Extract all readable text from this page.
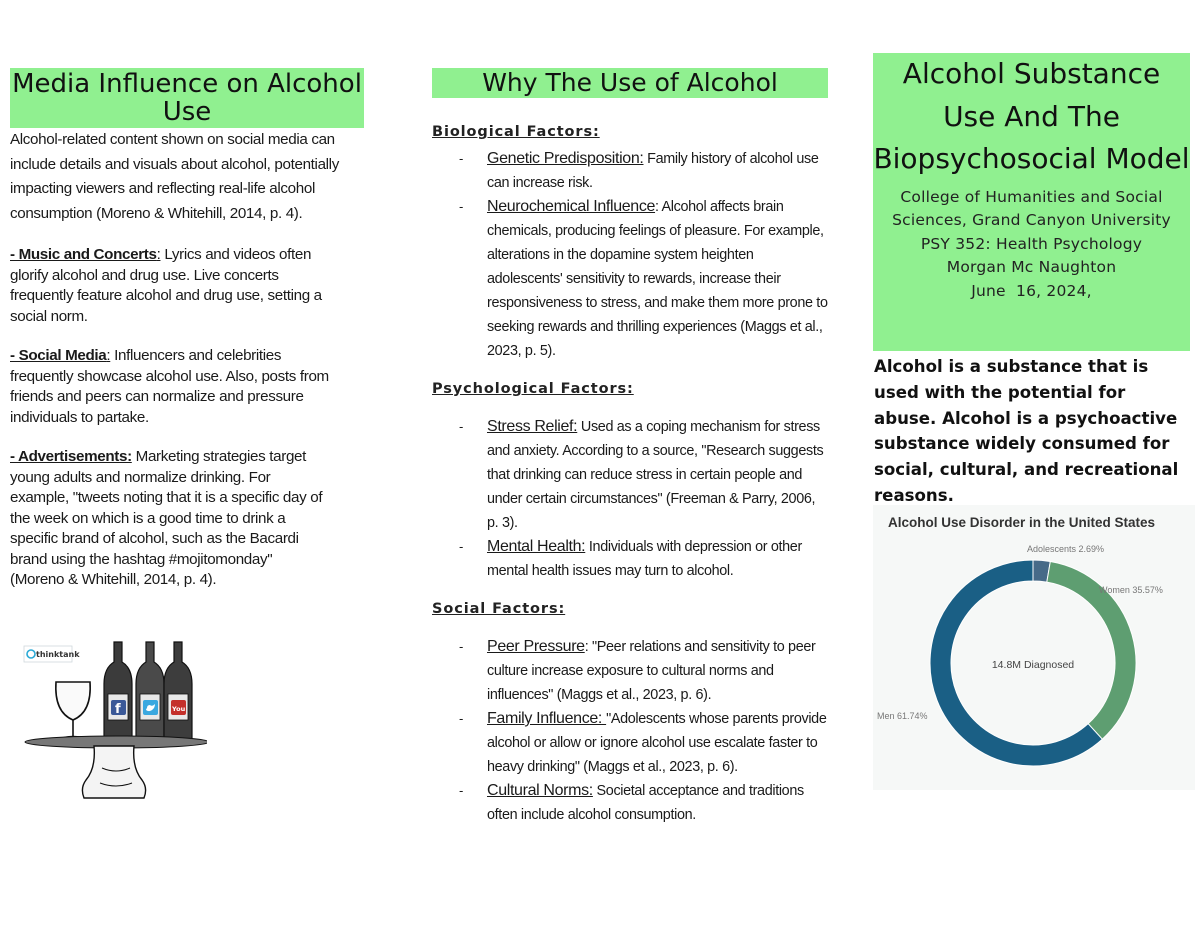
Media Influence on Alcohol Use

Alcohol-related content shown on social media can include details and visuals about alcohol, potentially impacting viewers and reflecting real-life alcohol consumption (Moreno & Whitehill, 2014, p. 4).

- Music and Concerts: Lyrics and videos often glorify alcohol and drug use. Live concerts frequently feature alcohol and drug use, setting a social norm.

- Social Media: Influencers and celebrities frequently showcase alcohol use. Also, posts from friends and peers can normalize and pressure individuals to partake.

- Advertisements: Marketing strategies target young adults and normalize drinking. For example, "tweets noting that it is a specific day of the week on which is a good time to drink a specific brand of alcohol, such as the Bacardi brand using the hashtag #mojitomonday" (Moreno & Whitehill, 2014, p. 4).

thinktank
f	You
Why The Use of Alcohol

Biological Factors:

- Genetic Predisposition: Family history of alcohol use can increase risk.
- Neurochemical Influence: Alcohol affects brain chemicals, producing feelings of pleasure. For example, alterations in the dopamine system heighten adolescents' sensitivity to rewards, increase their responsiveness to stress, and make them more prone to seeking rewards and thrilling experiences (Maggs et al., 2023, p. 5).

Psychological Factors:

- Stress Relief: Used as a coping mechanism for stress and anxiety. According to a source, "Research suggests that drinking can reduce stress in certain people and under certain circumstances" (Freeman & Parry, 2006, p. 3).
- Mental Health: Individuals with depression or other mental health issues may turn to alcohol.

Social Factors:

- Peer Pressure: "Peer relations and sensitivity to peer culture increase exposure to cultural norms and influences" (Maggs et al., 2023, p. 6).
- Family Influence: "Adolescents whose parents provide alcohol or allow or ignore alcohol use escalate faster to heavy drinking" (Maggs et al., 2023, p. 6).
- Cultural Norms: Societal acceptance and traditions often include alcohol consumption.

Alcohol Substance Use And The Biopsychosocial Model

College of Humanities and Social
Sciences, Grand Canyon University
PSY 352: Health Psychology
Morgan Mc Naughton
June  16, 2024,

Alcohol is a substance that is used with the potential for abuse. Alcohol is a psychoactive substance widely consumed for social, cultural, and recreational reasons.
Alcohol Use Disorder in the United States
14.8M Diagnosed
Adolescents 2.69%
Women 35.57%
Men 61.74%
